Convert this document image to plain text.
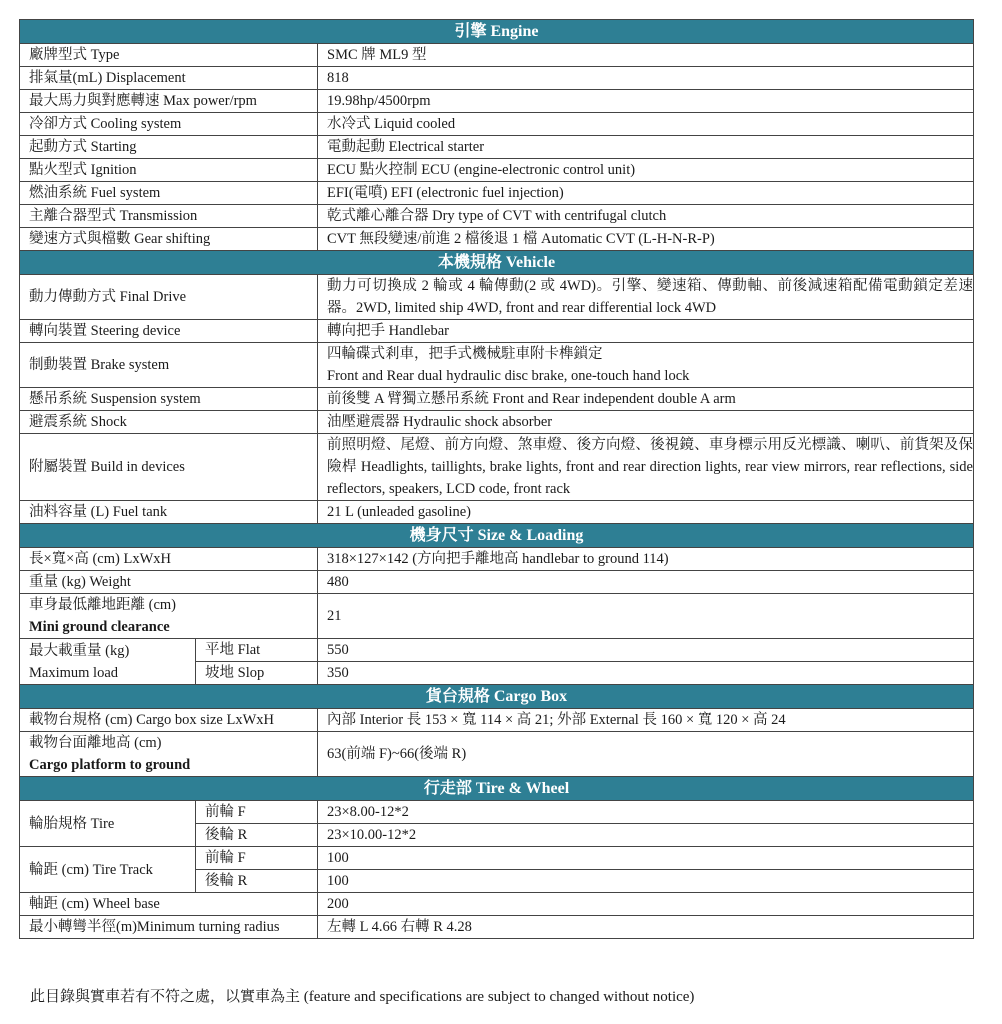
引擎 Engine		
廠牌型式 Type		SMC 牌 ML9 型
排氣量(mL) Displacement		818
最大馬力與對應轉速 Max power/rpm		19.98hp/4500rpm
冷卻方式 Cooling system		水冷式 Liquid cooled
起動方式 Starting		電動起動 Electrical starter
點火型式 Ignition		ECU 點火控制 ECU (engine-electronic control unit)
燃油系統 Fuel system		EFI(電噴) EFI (electronic fuel injection)
主離合器型式 Transmission		乾式離心離合器 Dry type of CVT with centrifugal clutch
變速方式與檔數 Gear shifting		CVT 無段變速/前進 2 檔後退 1 檔 Automatic CVT (L-H-N-R-P)
本機規格 Vehicle		
動力傳動方式 Final Drive		動力可切換成 2 輪或 4 輪傳動(2 或 4WD)。引擎、變速箱、傳動軸、前後減速箱配備電動鎖定差速器。2WD, limited ship 4WD, front and rear differential lock 4WD
轉向裝置 Steering device		轉向把手 Handlebar
制動裝置 Brake system		四輪碟式剎車，把手式機械駐車附卡榫鎖定
Front and Rear dual hydraulic disc brake, one-touch hand lock

懸吊系統 Suspension system		前後雙 A 臂獨立懸吊系統 Front and Rear independent double A arm
避震系統 Shock		油壓避震器 Hydraulic shock absorber
附屬裝置 Build in devices		前照明燈、尾燈、前方向燈、煞車燈、後方向燈、後視鏡、車身標示用反光標識、喇叭、前貨架及保險桿 Headlights, taillights, brake lights, front and rear direction lights, rear view mirrors, rear reflections, side reflectors, speakers, LCD code, front rack
油料容量 (L) Fuel tank		21 L (unleaded gasoline)
機身尺寸 Size & Loading		
長×寬×高 (cm) LxWxH		318×127×142 (方向把手離地高 handlebar to ground 114)
重量 (kg) Weight		480

車身最低離地距離 (cm)
Mini ground clearance		21

最大載重量 (kg)
Maximum load	平地 Flat	550
	坡地 Slop	350
貨台規格 Cargo Box		
載物台規格 (cm) Cargo box size LxWxH		內部 Interior 長 153 × 寬 114 × 高 21; 外部 External 長 160 × 寬 120 × 高 24

載物台面離地高 (cm)
Cargo platform to ground		63(前端 F)~66(後端 R)
行走部 Tire & Wheel		
輪胎規格 Tire	前輪 F	23×8.00-12*2
	後輪 R	23×10.00-12*2
輪距 (cm) Tire Track	前輪 F	100
	後輪 R	100
軸距 (cm) Wheel base		200
最小轉彎半徑(m)Minimum turning radius		左轉 L 4.66 右轉 R 4.28
此目錄與實車若有不符之處，以實車為主 (feature and specifications are subject to changed without notice)
